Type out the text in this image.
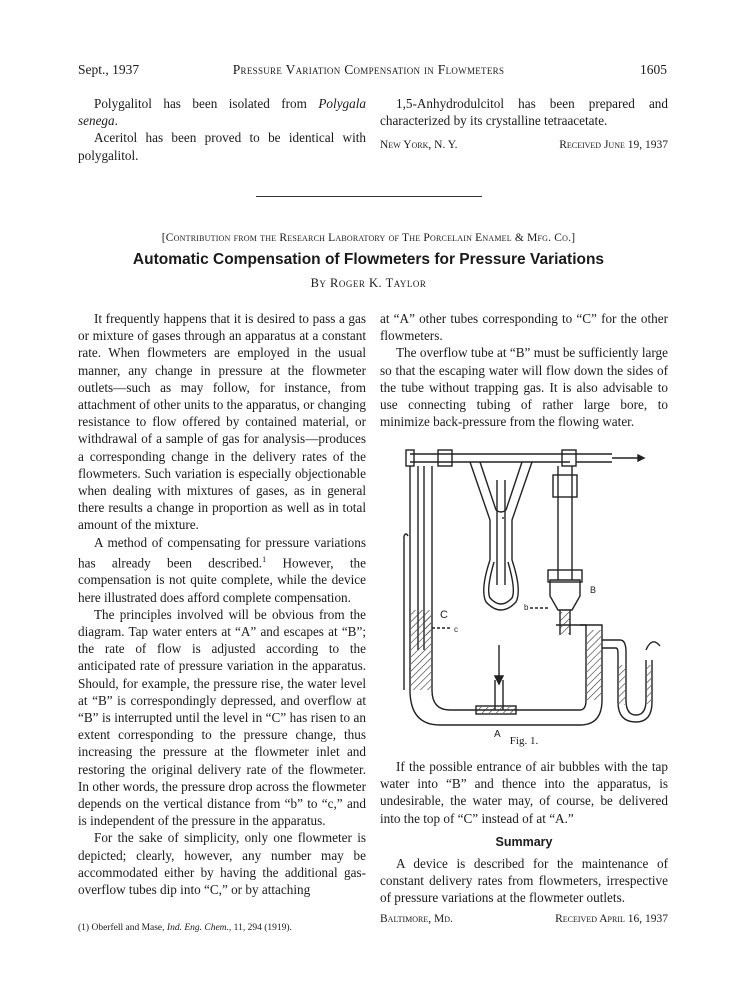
Sept., 1937	Pressure Variation Compensation in Flowmeters	1605

Polygalitol has been isolated from Polygala senega.

Aceritol has been proved to be identical with polygalitol.

1,5-Anhydrodulcitol has been prepared and characterized by its crystalline tetraacetate.

New York, N. Y.	Received June 19, 1937
[Contribution from the Research Laboratory of The Porcelain Enamel & Mfg. Co.]
Automatic Compensation of Flowmeters for Pressure Variations
By Roger K. Taylor

It frequently happens that it is desired to pass a gas or mixture of gases through an apparatus at a constant rate. When flowmeters are employed in the usual manner, any change in pressure at the flowmeter outlets—such as may follow, for instance, from attachment of other units to the apparatus, or changing resistance to flow offered by contained material, or withdrawal of a sample of gas for analysis—produces a corresponding change in the delivery rates of the flowmeters. Such variation is especially objectionable when dealing with mixtures of gases, as in general there results a change in proportion as well as in total amount of the mixture.

A method of compensating for pressure variations has already been described.$^1$ However, the compensation is not quite complete, while the device here illustrated does afford complete compensation.

The principles involved will be obvious from the diagram. Tap water enters at “A” and escapes at “B”; the rate of flow is adjusted according to the anticipated rate of pressure variation in the apparatus. Should, for example, the pressure rise, the water level at “B” is correspondingly depressed, and overflow at “B” is interrupted until the level in “C” has risen to an extent corresponding to the pressure change, thus increasing the pressure at the flowmeter inlet and restoring the original delivery rate of the flowmeter. In other words, the pressure drop across the flowmeter depends on the vertical distance from “b” to “c,” and is independent of the pressure in the apparatus.

For the sake of simplicity, only one flowmeter is depicted; clearly, however, any number may be accommodated either by having the additional gas-overflow tubes dip into “C,” or by attaching

(1) Oberfell and Mase, Ind. Eng. Chem., 11, 294 (1919).

at “A” other tubes corresponding to “C” for the other flowmeters.

The overflow tube at “B” must be sufficiently large so that the escaping water will flow down the sides of the tube without trapping gas. It is also advisable to use connecting tubing of rather large bore, to minimize back-pressure from the flowing water.

C
c
b
B
A
Fig. 1.

If the possible entrance of air bubbles with the tap water into “B” and thence into the apparatus, is undesirable, the water may, of course, be delivered into the top of “C” instead of at “A.”

Summary

A device is described for the maintenance of constant delivery rates from flowmeters, irrespective of pressure variations at the flowmeter outlets.

Baltimore, Md.	Received April 16, 1937
